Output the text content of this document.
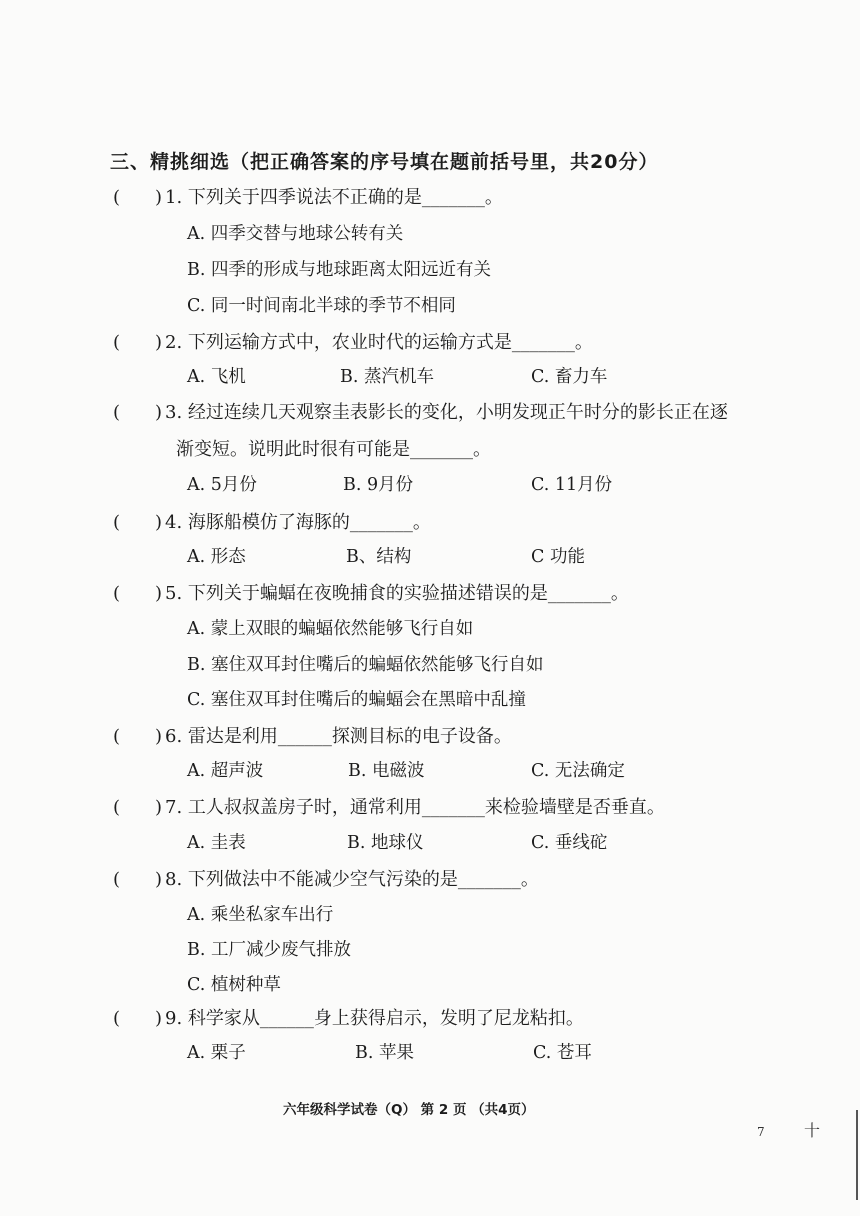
三、精挑细选（把正确答案的序号填在题前括号里，共20分）
( ) 1. 下列关于四季说法不正确的是_______。
A. 四季交替与地球公转有关
B. 四季的形成与地球距离太阳远近有关
C. 同一时间南北半球的季节不相同
( ) 2. 下列运输方式中，农业时代的运输方式是_______。
A. 飞机	B. 蒸汽机车	C. 畜力车
( ) 3. 经过连续几天观察圭表影长的变化，小明发现正午时分的影长正在逐
渐变短。说明此时很有可能是_______。
A. 5月份	B. 9月份	C. 11月份
( ) 4. 海豚船模仿了海豚的_______。
A. 形态	B、结构	C 功能
( ) 5. 下列关于蝙蝠在夜晚捕食的实验描述错误的是_______。
A. 蒙上双眼的蝙蝠依然能够飞行自如
B. 塞住双耳封住嘴后的蝙蝠依然能够飞行自如
C. 塞住双耳封住嘴后的蝙蝠会在黑暗中乱撞
( ) 6. 雷达是利用______探测目标的电子设备。
A. 超声波	B. 电磁波	C. 无法确定
( ) 7. 工人叔叔盖房子时，通常利用_______来检验墙壁是否垂直。
A. 圭表	B. 地球仪	C. 垂线砣
( ) 8. 下列做法中不能减少空气污染的是_______。
A. 乘坐私家车出行
B. 工厂减少废气排放
C. 植树种草
( ) 9. 科学家从______身上获得启示，发明了尼龙粘扣。
A. 栗子	B. 苹果	C. 苍耳
六年级科学试卷（Q） 第 2 页 （共4页）
7 十
